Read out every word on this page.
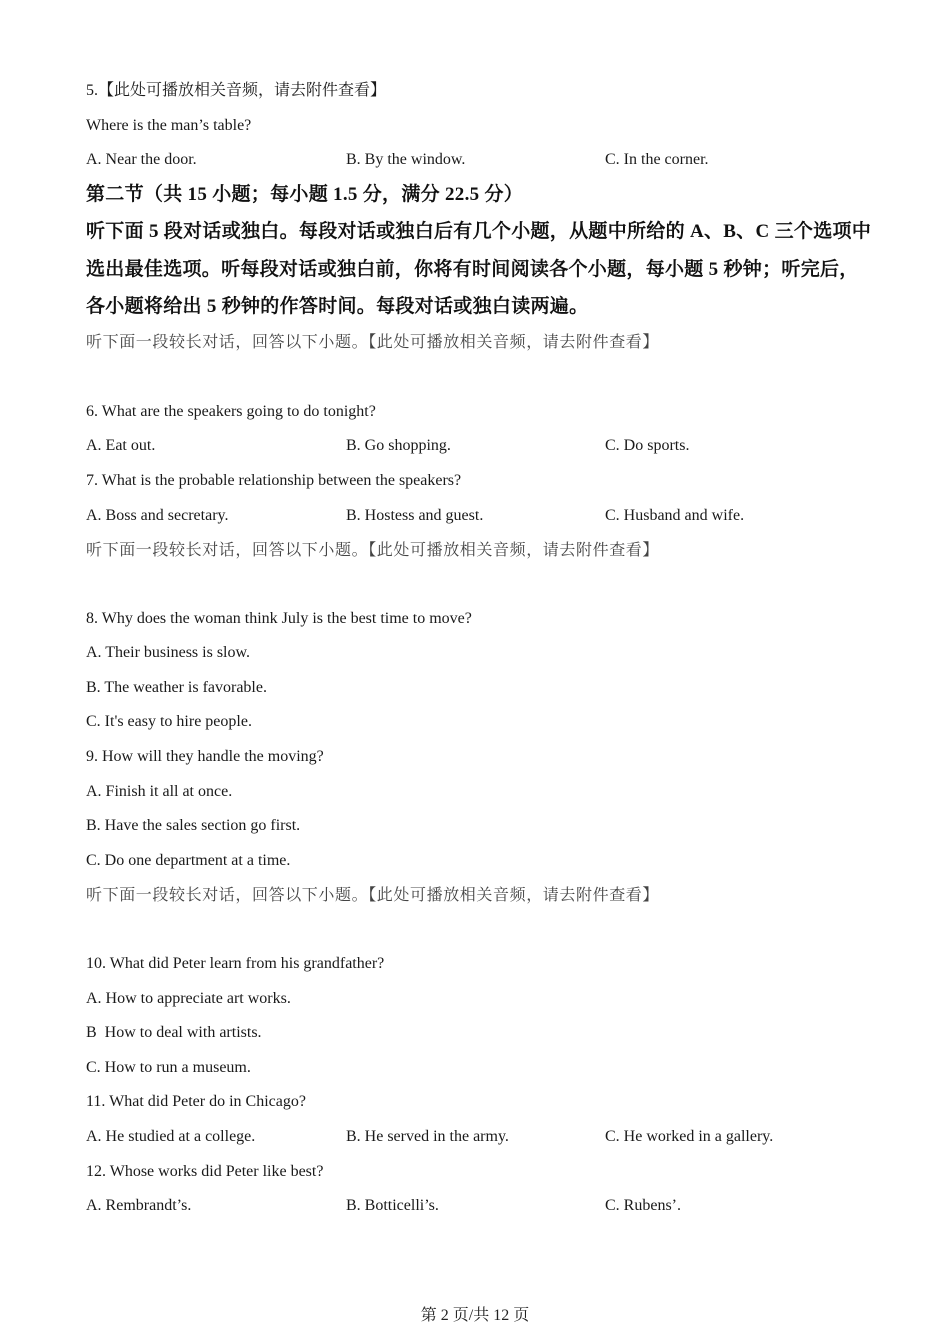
5.【此处可播放相关音频，请去附件查看】
Where is the man’s table?
A. Near the door.	B. By the window.	C. In the corner.
第二节（共 15 小题；每小题 1.5 分，满分 22.5 分）
听下面 5 段对话或独白。每段对话或独白后有几个小题，从题中所给的 A、B、C 三个选项中
选出最佳选项。听每段对话或独白前，你将有时间阅读各个小题，每小题 5 秒钟；听完后，
各小题将给出 5 秒钟的作答时间。每段对话或独白读两遍。
听下面一段较长对话，回答以下小题。【此处可播放相关音频，请去附件查看】
6. What are the speakers going to do tonight?
A. Eat out.	B. Go shopping.	C. Do sports.
7. What is the probable relationship between the speakers?
A. Boss and secretary.	B. Hostess and guest.	C. Husband and wife.
听下面一段较长对话，回答以下小题。【此处可播放相关音频，请去附件查看】
8. Why does the woman think July is the best time to move?
A. Their business is slow.
B. The weather is favorable.
C. It's easy to hire people.
9. How will they handle the moving?
A. Finish it all at once.
B. Have the sales section go first.
C. Do one department at a time.
听下面一段较长对话，回答以下小题。【此处可播放相关音频，请去附件查看】
10. What did Peter learn from his grandfather?
A. How to appreciate art works.
B  How to deal with artists.
C. How to run a museum.
11. What did Peter do in Chicago?
A. He studied at a college.	B. He served in the army.	C. He worked in a gallery.
12. Whose works did Peter like best?
A. Rembrandt’s.	B. Botticelli’s.	C. Rubens’.
第 2 页/共 12 页
